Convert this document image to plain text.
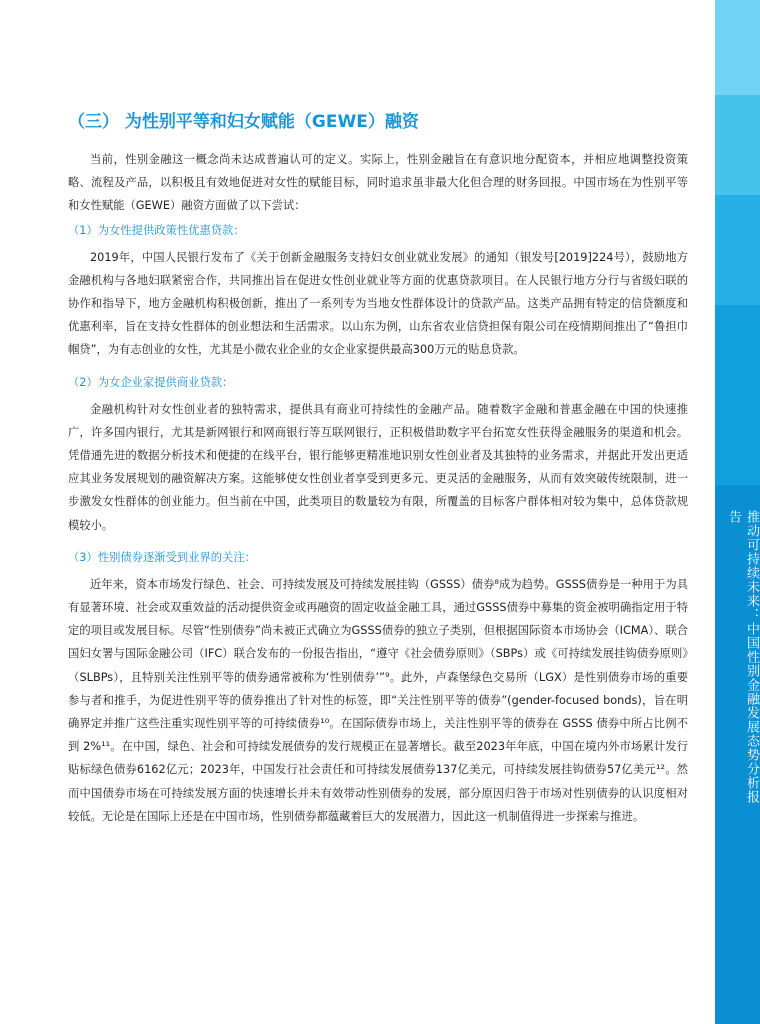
推动可持续未来：中国性别金融发展态势分析报告
（三） 为性别平等和妇女赋能（GEWE）融资

当前，性别金融这一概念尚未达成普遍认可的定义。实际上，性别金融旨在有意识地分配资本，并相应地调整投资策略、流程及产品，以积极且有效地促进对女性的赋能目标，同时追求虽非最大化但合理的财务回报。中国市场在为性别平等和女性赋能（GEWE）融资方面做了以下尝试：

（1）为女性提供政策性优惠贷款：

2019年，中国人民银行发布了《关于创新金融服务支持妇女创业就业发展》的通知（银发号[2019]224号），鼓励地方金融机构与各地妇联紧密合作，共同推出旨在促进女性创业就业等方面的优惠贷款项目。在人民银行地方分行与省级妇联的协作和指导下，地方金融机构积极创新，推出了一系列专为当地女性群体设计的贷款产品。这类产品拥有特定的信贷额度和优惠利率，旨在支持女性群体的创业想法和生活需求。以山东为例，山东省农业信贷担保有限公司在疫情期间推出了“鲁担巾帼贷”，为有志创业的女性，尤其是小微农业企业的女企业家提供最高300万元的贴息贷款。

（2）为女企业家提供商业贷款：

金融机构针对女性创业者的独特需求，提供具有商业可持续性的金融产品。随着数字金融和普惠金融在中国的快速推广，许多国内银行，尤其是新网银行和网商银行等互联网银行，正积极借助数字平台拓宽女性获得金融服务的渠道和机会。凭借通先进的数据分析技术和便捷的在线平台，银行能够更精准地识别女性创业者及其独特的业务需求，并据此开发出更适应其业务发展规划的融资解决方案。这能够使女性创业者享受到更多元、更灵活的金融服务，从而有效突破传统限制，进一步激发女性群体的创业能力。但当前在中国，此类项目的数量较为有限，所覆盖的目标客户群体相对较为集中，总体贷款规模较小。

（3）性别债券逐渐受到业界的关注：

近年来，资本市场发行绿色、社会、可持续发展及可持续发展挂钩（GSSS）债券⁸成为趋势。GSSS债券是一种用于为具有显著环境、社会或双重效益的活动提供资金或再融资的固定收益金融工具，通过GSSS债券中募集的资金被明确指定用于特定的项目或发展目标。尽管“性别债券”尚未被正式确立为GSSS债券的独立子类别，但根据国际资本市场协会（ICMA）、联合国妇女署与国际金融公司（IFC）联合发布的一份报告指出，“遵守《社会债券原则》（SBPs）或《可持续发展挂钩债券原则》（SLBPs），且特别关注性别平等的债券通常被称为‘性别债券’”⁹。此外，卢森堡绿色交易所（LGX）是性别债券市场的重要参与者和推手，为促进性别平等的债券推出了针对性的标签，即“关注性别平等的债券”(gender-focused bonds)，旨在明确界定并推广这些注重实现性别平等的可持续债券¹⁰。在国际债券市场上，关注性别平等的债券在 GSSS 债券中所占比例不到 2%¹¹。在中国，绿色、社会和可持续发展债券的发行规模正在显著增长。截至2023年年底，中国在境内外市场累计发行贴标绿色债券6162亿元；2023年，中国发行社会责任和可持续发展债券137亿美元，可持续发展挂钩债券57亿美元¹²。然而中国债券市场在可持续发展方面的快速增长并未有效带动性别债券的发展，部分原因归咎于市场对性别债券的认识度相对较低。无论是在国际上还是在中国市场，性别债券都蕴藏着巨大的发展潜力，因此这一机制值得进一步探索与推进。
